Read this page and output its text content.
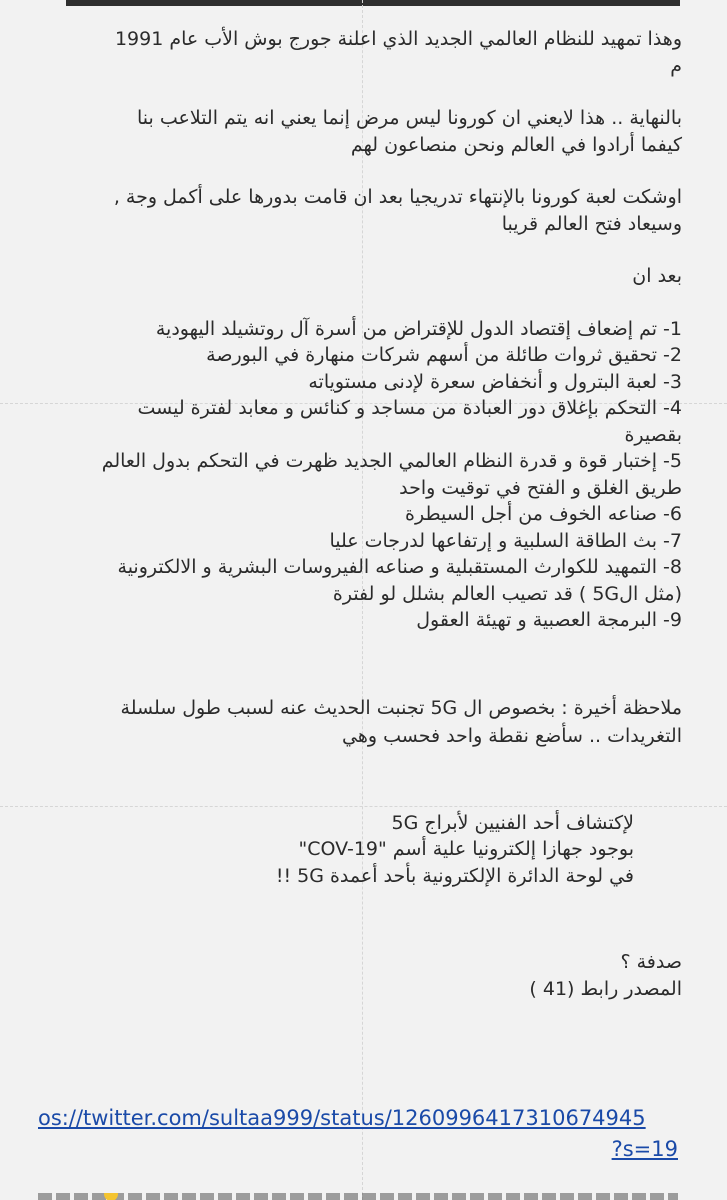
وهذا تمهيد للنظام العالمي الجديد الذي اعلنة جورج بوش الأب عام 1991

م

بالنهاية .. هذا لايعني ان كورونا ليس مرض إنما يعني انه يتم التلاعب بنا

كيفما أرادوا في العالم ونحن منصاعون لهم

اوشكت لعبة كورونا بالإنتهاء تدريجيا بعد ان قامت بدورها على أكمل وجة ,

وسيعاد فتح العالم قريبا

بعد ان

1- تم إضعاف إقتصاد الدول للإقتراض من أسرة آل روتشيلد اليهودية

2- تحقيق ثروات طائلة من أسهم شركات منهارة في البورصة

3- لعبة البترول و أنخفاض سعرة لإدنى مستوياته

4- التحكم بإغلاق دور العبادة من مساجد و كنائس و معابد لفترة ليست

بقصيرة

5- إختبار قوة و قدرة النظام العالمي الجديد ظهرت في التحكم بدول العالم

طريق الغلق و الفتح في توقيت واحد

6- صناعه الخوف من أجل السيطرة

7- بث الطاقة السلبية و إرتفاعها لدرجات عليا

8- التمهيد للكوارث المستقبلية و صناعه الفيروسات البشرية و الالكترونية

(مثل ال5G ) قد تصيب العالم بشلل لو لفترة

9- البرمجة العصبية و تهيئة العقول

ملاحظة أخيرة : بخصوص ال 5G تجنبت الحديث عنه لسبب طول سلسلة

التغريدات .. سأضع نقطة واحد فحسب وهي

لإكتشاف أحد الفنيين لأبراج 5G

بوجود جهازا إلكترونيا علية أسم "COV-19"

في لوحة الدائرة الإلكترونية بأحد أعمدة 5G !!

صدفة ؟

المصدر رابط (41 )

os://twitter.com/sultaa999/status/1260996417310674945
?s=19
